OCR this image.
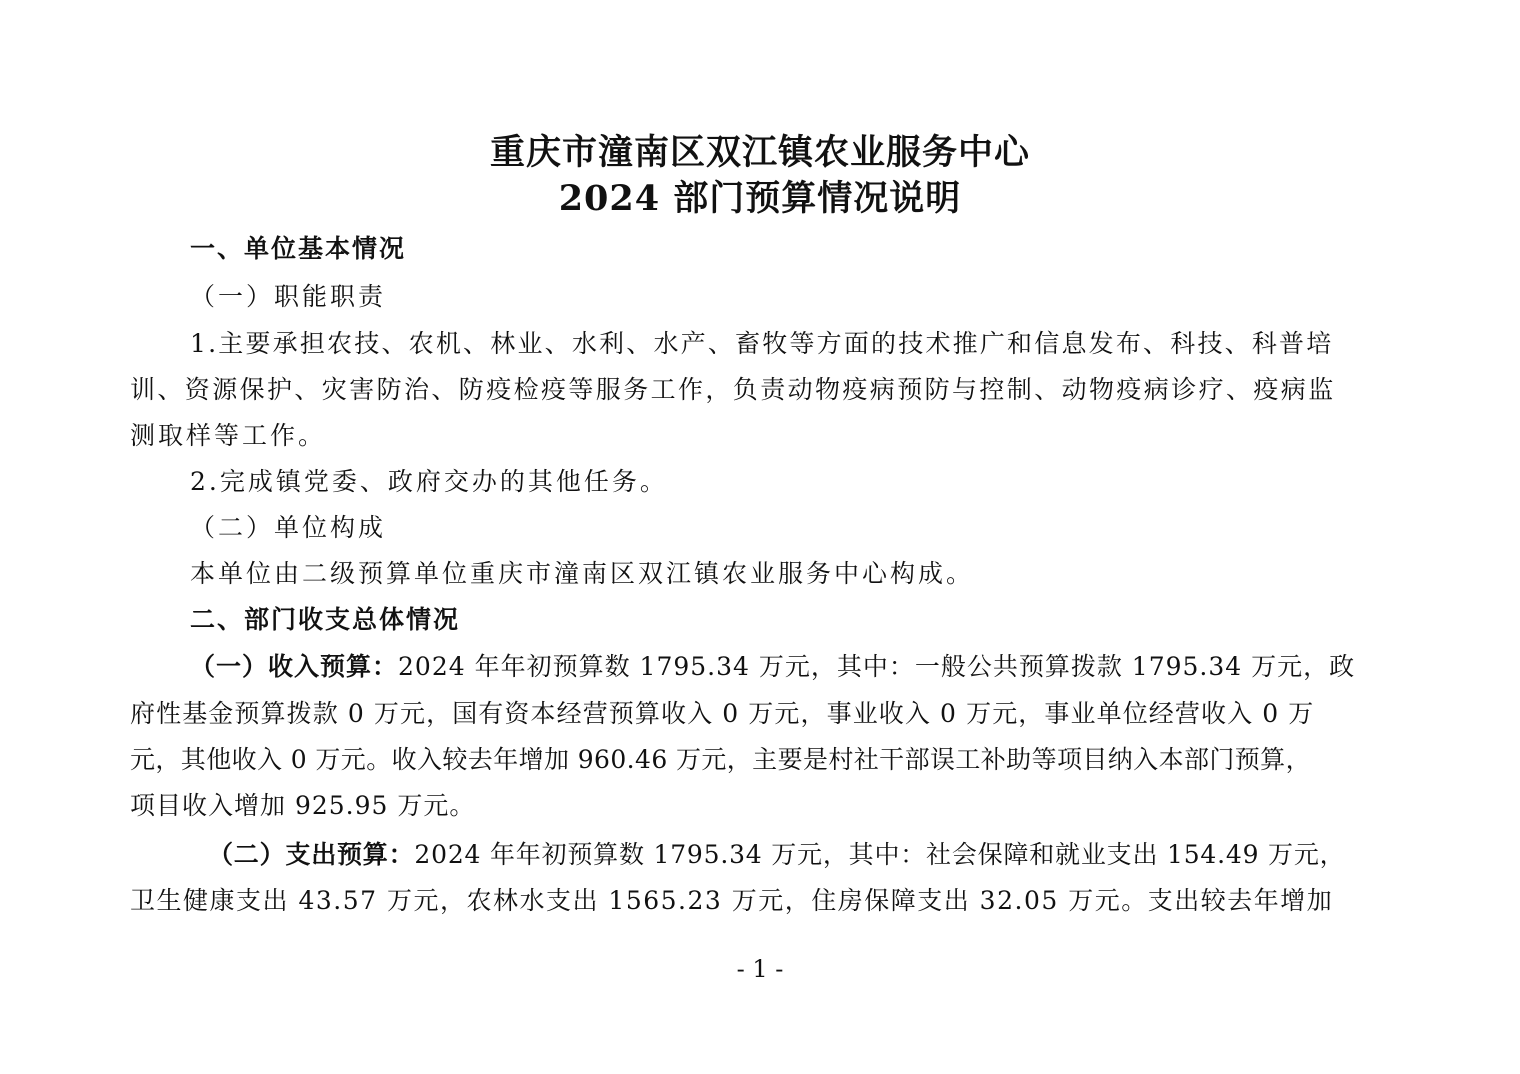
重庆市潼南区双江镇农业服务中心
2024 部门预算情况说明
一、单位基本情况
（一）职能职责
1.主要承担农技、农机、林业、水利、水产、畜牧等方面的技术推广和信息发布、科技、科普培
训、资源保护、灾害防治、防疫检疫等服务工作，负责动物疫病预防与控制、动物疫病诊疗、疫病监
测取样等工作。
2.完成镇党委、政府交办的其他任务。
（二）单位构成
本单位由二级预算单位重庆市潼南区双江镇农业服务中心构成。
二、部门收支总体情况
（一）收入预算：2024 年年初预算数 1795.34 万元，其中：一般公共预算拨款 1795.34 万元，政
府性基金预算拨款 0 万元，国有资本经营预算收入 0 万元，事业收入 0 万元，事业单位经营收入 0 万
元，其他收入 0 万元。收入较去年增加 960.46 万元，主要是村社干部误工补助等项目纳入本部门预算，
项目收入增加 925.95 万元。
（二）支出预算：2024 年年初预算数 1795.34 万元，其中：社会保障和就业支出 154.49 万元，
卫生健康支出 43.57 万元，农林水支出 1565.23 万元，住房保障支出 32.05 万元。支出较去年增加
- 1 -
